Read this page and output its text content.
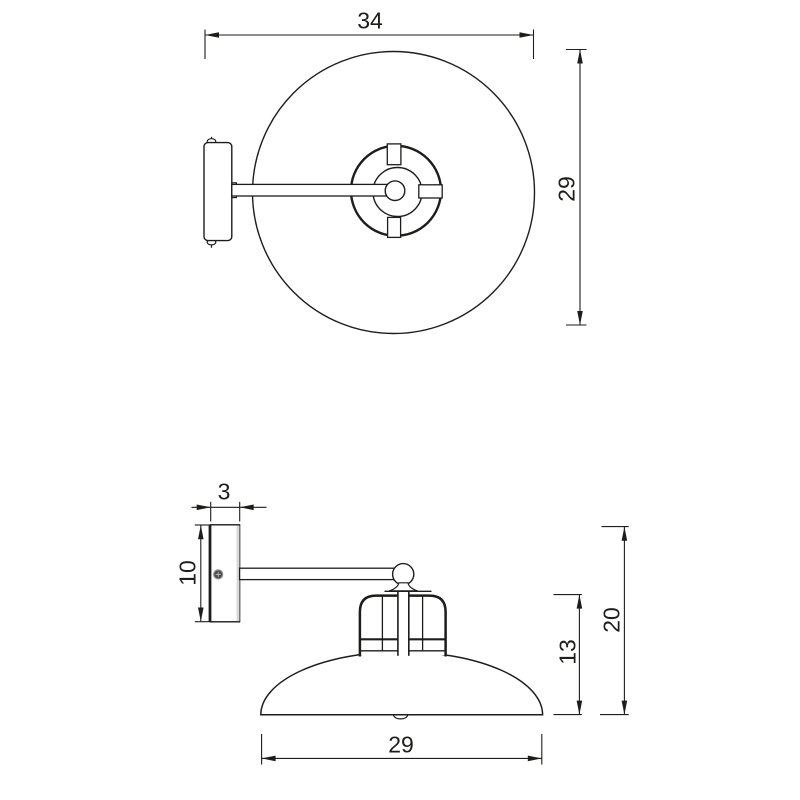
34
29
3
10
13
20
29
